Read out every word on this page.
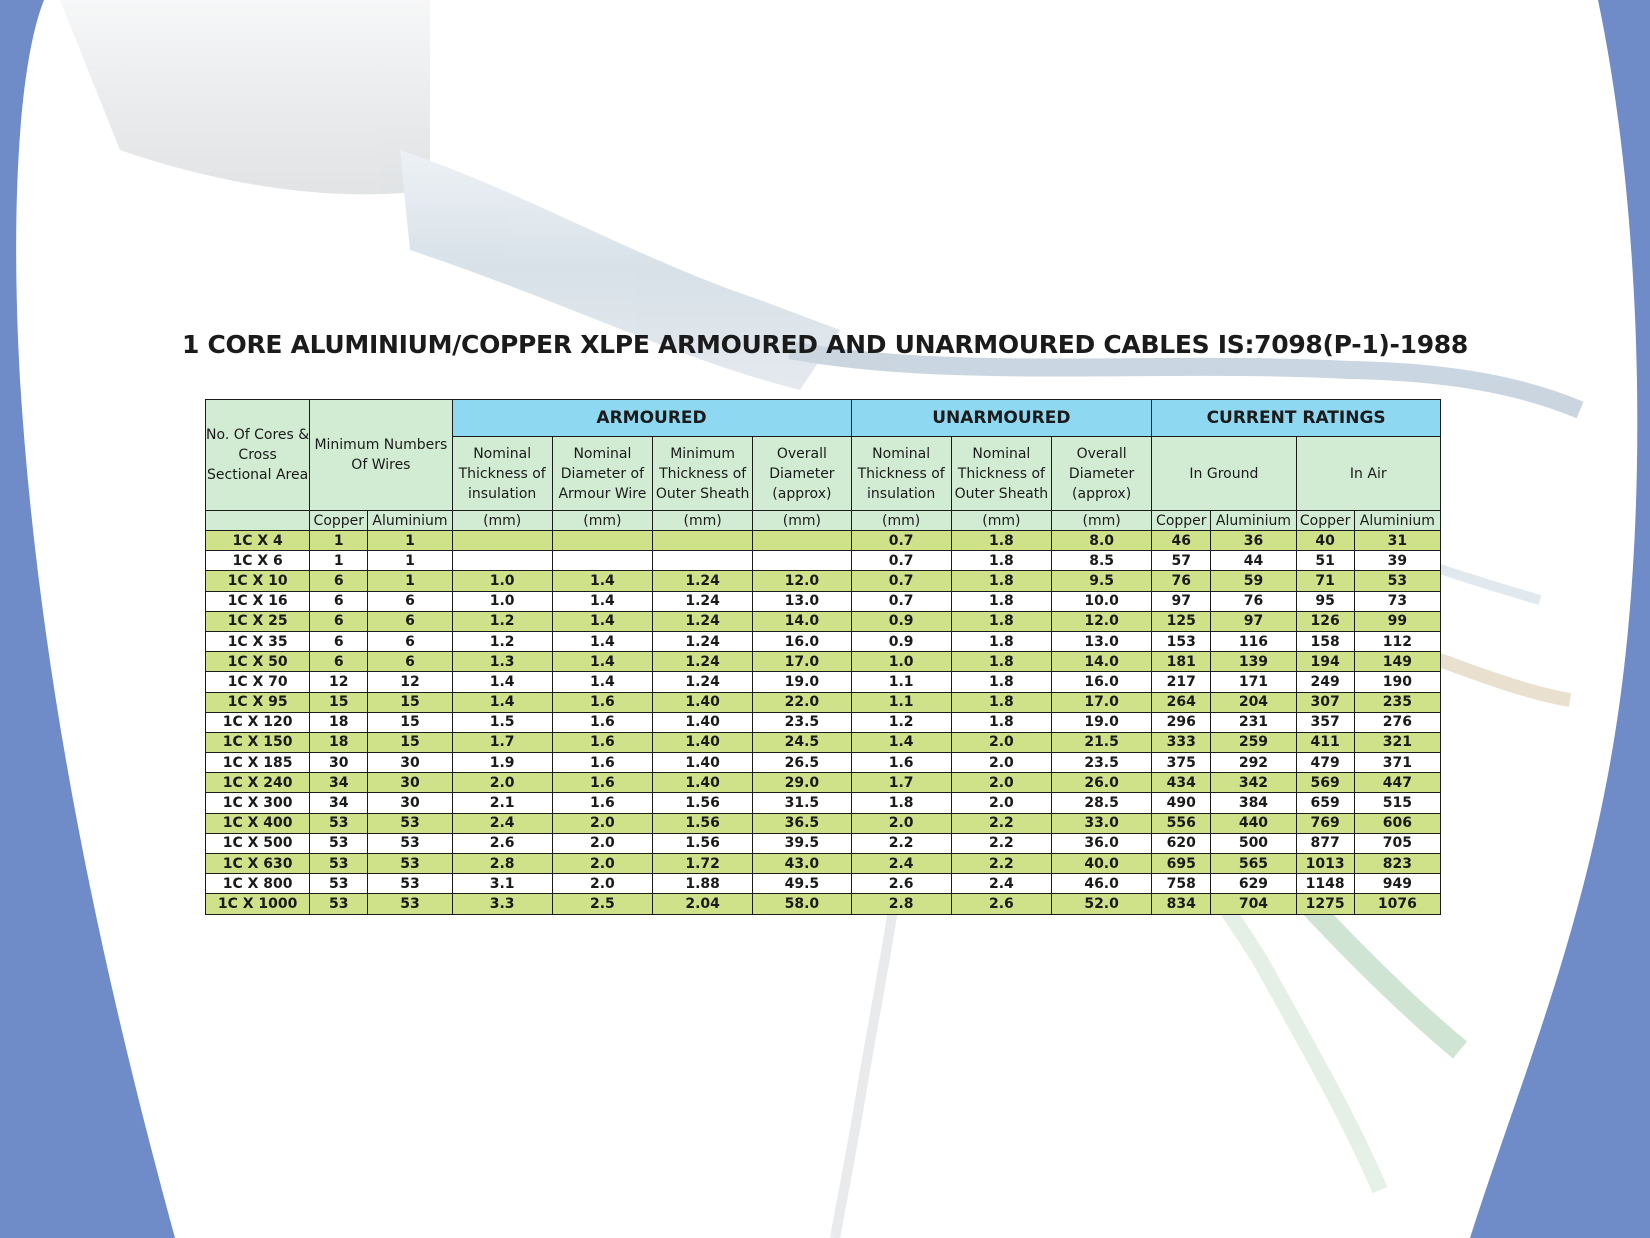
1 CORE ALUMINIUM/COPPER XLPE ARMOURED AND UNARMOURED CABLES IS:7098(P-1)-1988
No. Of Cores & Cross Sectional Area	Minimum Numbers Of Wires		ARMOURED				UNARMOURED			CURRENT RATINGS			
			Nominal Thickness of insulation	Nominal Diameter of Armour Wire	Minimum Thickness of Outer Sheath	Overall Diameter (approx)	Nominal Thickness of insulation	Nominal Thickness of Outer Sheath	Overall Diameter (approx)	In Ground		In Air	
	Copper	Aluminium	(mm)	(mm)	(mm)	(mm)	(mm)	(mm)	(mm)	Copper	Aluminium	Copper	Aluminium
1C X 4	1	1					0.7	1.8	8.0	46	36	40	31
1C X 6	1	1					0.7	1.8	8.5	57	44	51	39
1C X 10	6	1	1.0	1.4	1.24	12.0	0.7	1.8	9.5	76	59	71	53
1C X 16	6	6	1.0	1.4	1.24	13.0	0.7	1.8	10.0	97	76	95	73
1C X 25	6	6	1.2	1.4	1.24	14.0	0.9	1.8	12.0	125	97	126	99
1C X 35	6	6	1.2	1.4	1.24	16.0	0.9	1.8	13.0	153	116	158	112
1C X 50	6	6	1.3	1.4	1.24	17.0	1.0	1.8	14.0	181	139	194	149
1C X 70	12	12	1.4	1.4	1.24	19.0	1.1	1.8	16.0	217	171	249	190
1C X 95	15	15	1.4	1.6	1.40	22.0	1.1	1.8	17.0	264	204	307	235
1C X 120	18	15	1.5	1.6	1.40	23.5	1.2	1.8	19.0	296	231	357	276
1C X 150	18	15	1.7	1.6	1.40	24.5	1.4	2.0	21.5	333	259	411	321
1C X 185	30	30	1.9	1.6	1.40	26.5	1.6	2.0	23.5	375	292	479	371
1C X 240	34	30	2.0	1.6	1.40	29.0	1.7	2.0	26.0	434	342	569	447
1C X 300	34	30	2.1	1.6	1.56	31.5	1.8	2.0	28.5	490	384	659	515
1C X 400	53	53	2.4	2.0	1.56	36.5	2.0	2.2	33.0	556	440	769	606
1C X 500	53	53	2.6	2.0	1.56	39.5	2.2	2.2	36.0	620	500	877	705
1C X 630	53	53	2.8	2.0	1.72	43.0	2.4	2.2	40.0	695	565	1013	823
1C X 800	53	53	3.1	2.0	1.88	49.5	2.6	2.4	46.0	758	629	1148	949
1C X 1000	53	53	3.3	2.5	2.04	58.0	2.8	2.6	52.0	834	704	1275	1076
